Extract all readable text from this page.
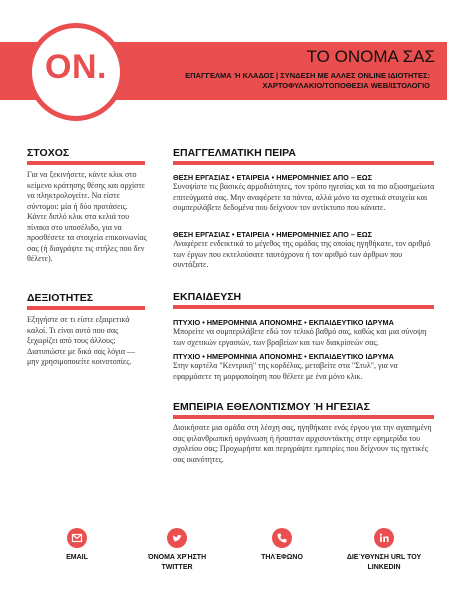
ON.	ΤΟ ΟΝΟΜΑ ΣΑΣ
ΕΠΑΓΓΕΛΜΑ Ή ΚΛΑΔΟΣ | ΣΥΝΔΕΣΗ ΜΕ ΑΛΛΕΣ ONLINE ΙΔΙΟΤΗΤΕΣ:
ΧΑΡΤΟΦΥΛΑΚΙΟ/ΤΟΠΟΘΕΣΙΑ WEB/ΙΣΤΟΛΟΓΙΟ
ΣΤΟΧΟΣ
Για να ξεκινήσετε, κάντε κλικ στο κείμενο κράτησης θέσης και αρχίστε να πληκτρολογείτε. Να είστε σύντομοι: μία ή δύο προτάσεις. Κάντε διπλό κλικ στα κελιά του πίνακα στο υποσέλιδο, για να προσθέσετε τα στοιχεία επικοινωνίας σας (ή διαγράψτε τις στήλες που δεν θέλετε).
ΔΕΞΙΟΤΗΤΕΣ
Εξηγήστε σε τι είστε εξαιρετικά καλοί. Τι είναι αυτό που σας ξεχωρίζει από τους άλλους; Διατυπώστε με δικά σας λόγια — μην χρησιμοποιείτε κοινοτοπίες.
ΕΠΑΓΓΕΛΜΑΤΙΚΗ ΠΕΙΡΑ
ΘΕΣΗ ΕΡΓΑΣΙΑΣ • ΕΤΑΙΡΕΙΑ • ΗΜΕΡΟΜΗΝΙΕΣ ΑΠΟ – ΕΩΣ
Συνοψίστε τις βασικές αρμοδιότητες, τον τρόπο ηγεσίας και τα πιο αξιοσημείωτα επιτεύγματά σας. Μην αναφέρετε τα πάντα, αλλά μόνο τα σχετικά στοιχεία και συμπεριλάβετε δεδομένα που δείχνουν τον αντίκτυπο που κάνατε.
ΘΕΣΗ ΕΡΓΑΣΙΑΣ • ΕΤΑΙΡΕΙΑ • ΗΜΕΡΟΜΗΝΙΕΣ ΑΠΟ – ΕΩΣ
Αναφέρετε ενδεικτικά το μέγεθος της ομάδας της οποίας ηγηθήκατε, τον αριθμό των έργων που εκτελούσατε ταυτόχρονα ή τον αριθμό των άρθρων που συντάξατε.
ΕΚΠΑΙΔΕΥΣΗ
ΠΤΥΧΙΟ • ΗΜΕΡΟΜΗΝΙΑ ΑΠΟΝΟΜΗΣ • ΕΚΠΑΙΔΕΥΤΙΚΟ ΙΔΡΥΜΑ
Μπορείτε να συμπεριλάβετε εδώ τον τελικό βαθμό σας, καθώς και μια σύνοψη των σχετικών εργασιών, των βραβείων και των διακρίσεών σας.
ΠΤΥΧΙΟ • ΗΜΕΡΟΜΗΝΙΑ ΑΠΟΝΟΜΗΣ • ΕΚΠΑΙΔΕΥΤΙΚΟ ΙΔΡΥΜΑ
Στην καρτέλα "Κεντρική" της κορδέλας, μεταβείτε στα "Στυλ", για να εφαρμόσετε τη μορφοποίηση που θέλετε με ένα μόνο κλικ.
ΕΜΠΕΙΡΙΑ ΕΘΕΛΟΝΤΙΣΜΟΥ Ή ΗΓΕΣΙΑΣ
Διοικήσατε μια ομάδα στη λέσχη σας, ηγηθήκατε ενός έργου για την αγαπημένη σας φιλανθρωπική οργάνωση ή ήσασταν αρχισυντάκτης στην εφημερίδα του σχολείου σας; Προχωρήστε και περιγράψτε εμπειρίες που δείχνουν τις ηγετικές σας ικανότητες.
EMAIL	ΌΝΟΜΑ ΧΡΉΣΤΗ TWITTER
ΤΗΛΈΦΩΝΟ	ΔΙΕΎΘΥΝΣΗ URL ΤΟΥ LINKEDIN
